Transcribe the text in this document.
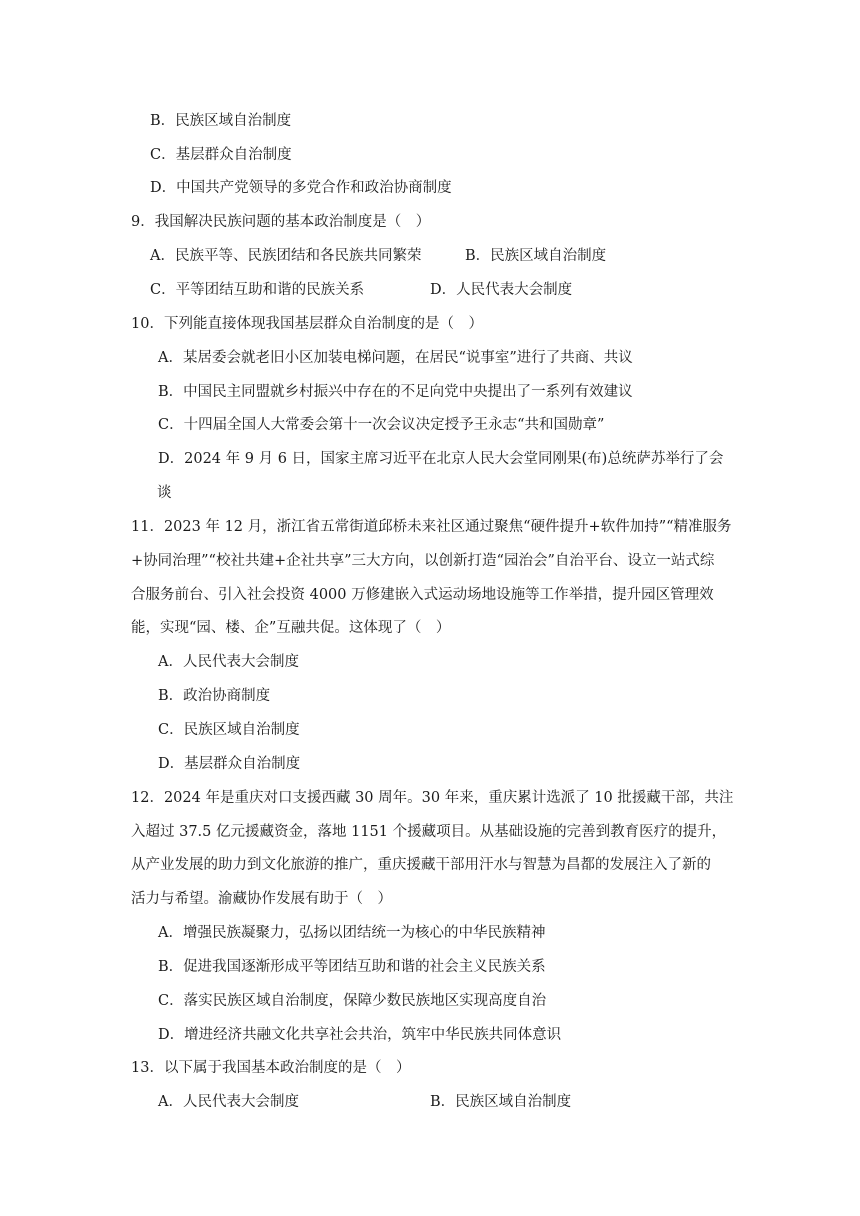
B．民族区域自治制度
C．基层群众自治制度
D．中国共产党领导的多党合作和政治协商制度
9．我国解决民族问题的基本政治制度是（　）
A．民族平等、民族团结和各民族共同繁荣	B．民族区域自治制度
C．平等团结互助和谐的民族关系	D．人民代表大会制度
10．下列能直接体现我国基层群众自治制度的是（　）
A．某居委会就老旧小区加装电梯问题，在居民“说事室”进行了共商、共议
B．中国民主同盟就乡村振兴中存在的不足向党中央提出了一系列有效建议
C．十四届全国人大常委会第十一次会议决定授予王永志“共和国勋章”
D．2024 年 9 月 6 日，国家主席习近平在北京人民大会堂同刚果(布)总统萨苏举行了会
谈
11．2023 年 12 月，浙江省五常街道邱桥未来社区通过聚焦“硬件提升+软件加持”“精准服务
+协同治理”“校社共建+企社共享”三大方向，以创新打造“园治会”自治平台、设立一站式综
合服务前台、引入社会投资 4000 万修建嵌入式运动场地设施等工作举措，提升园区管理效
能，实现“园、楼、企”互融共促。这体现了（　）
A．人民代表大会制度
B．政治协商制度
C．民族区域自治制度
D．基层群众自治制度
12．2024 年是重庆对口支援西藏 30 周年。30 年来，重庆累计选派了 10 批援藏干部，共注
入超过 37.5 亿元援藏资金，落地 1151 个援藏项目。从基础设施的完善到教育医疗的提升，
从产业发展的助力到文化旅游的推广，重庆援藏干部用汗水与智慧为昌都的发展注入了新的
活力与希望。渝藏协作发展有助于（　）
A．增强民族凝聚力，弘扬以团结统一为核心的中华民族精神
B．促进我国逐渐形成平等团结互助和谐的社会主义民族关系
C．落实民族区域自治制度，保障少数民族地区实现高度自治
D．增进经济共融文化共享社会共治，筑牢中华民族共同体意识
13．以下属于我国基本政治制度的是（　）
A．人民代表大会制度	B．民族区域自治制度
